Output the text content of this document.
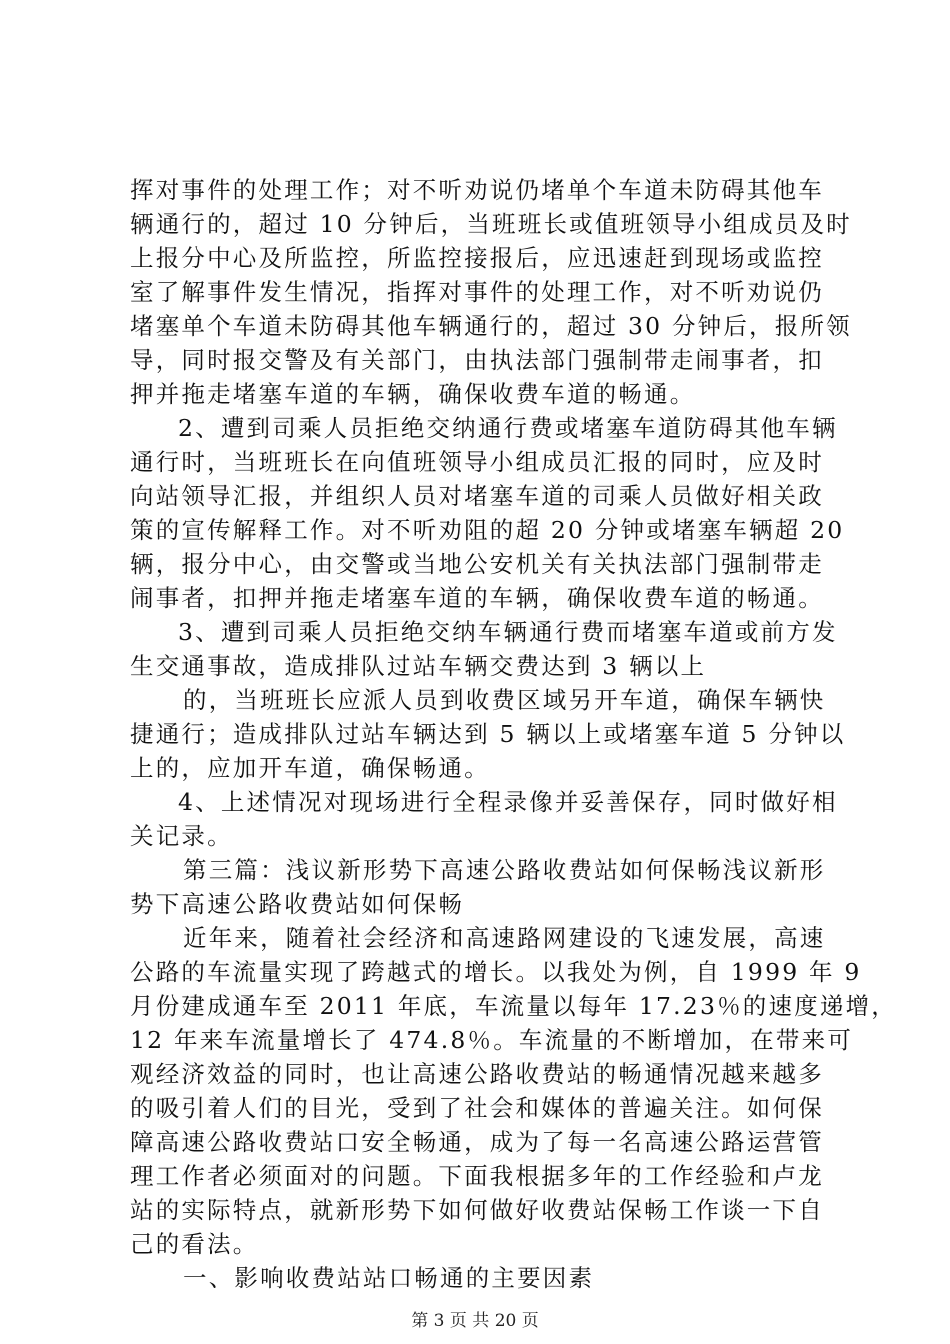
挥对事件的处理工作；对不听劝说仍堵单个车道未防碍其他车
辆通行的，超过 10 分钟后，当班班长或值班领导小组成员及时
上报分中心及所监控，所监控接报后，应迅速赶到现场或监控
室了解事件发生情况，指挥对事件的处理工作，对不听劝说仍
堵塞单个车道未防碍其他车辆通行的，超过 30 分钟后，报所领
导，同时报交警及有关部门，由执法部门强制带走闹事者，扣
押并拖走堵塞车道的车辆，确保收费车道的畅通。
2、遭到司乘人员拒绝交纳通行费或堵塞车道防碍其他车辆
通行时，当班班长在向值班领导小组成员汇报的同时，应及时
向站领导汇报，并组织人员对堵塞车道的司乘人员做好相关政
策的宣传解释工作。对不听劝阻的超 20 分钟或堵塞车辆超 20
辆，报分中心，由交警或当地公安机关有关执法部门强制带走
闹事者，扣押并拖走堵塞车道的车辆，确保收费车道的畅通。
3、遭到司乘人员拒绝交纳车辆通行费而堵塞车道或前方发
生交通事故，造成排队过站车辆交费达到 3 辆以上
的，当班班长应派人员到收费区域另开车道，确保车辆快
捷通行；造成排队过站车辆达到 5 辆以上或堵塞车道 5 分钟以
上的，应加开车道，确保畅通。
4、上述情况对现场进行全程录像并妥善保存，同时做好相
关记录。
第三篇：浅议新形势下高速公路收费站如何保畅浅议新形
势下高速公路收费站如何保畅
近年来，随着社会经济和高速路网建设的飞速发展，高速
公路的车流量实现了跨越式的增长。以我处为例，自 1999 年 9
月份建成通车至 2011 年底，车流量以每年 17.23％的速度递增，
12 年来车流量增长了 474.8％。车流量的不断增加，在带来可
观经济效益的同时，也让高速公路收费站的畅通情况越来越多
的吸引着人们的目光，受到了社会和媒体的普遍关注。如何保
障高速公路收费站口安全畅通，成为了每一名高速公路运营管
理工作者必须面对的问题。下面我根据多年的工作经验和卢龙
站的实际特点，就新形势下如何做好收费站保畅工作谈一下自
己的看法。
一、影响收费站站口畅通的主要因素
第 3 页 共 20 页
